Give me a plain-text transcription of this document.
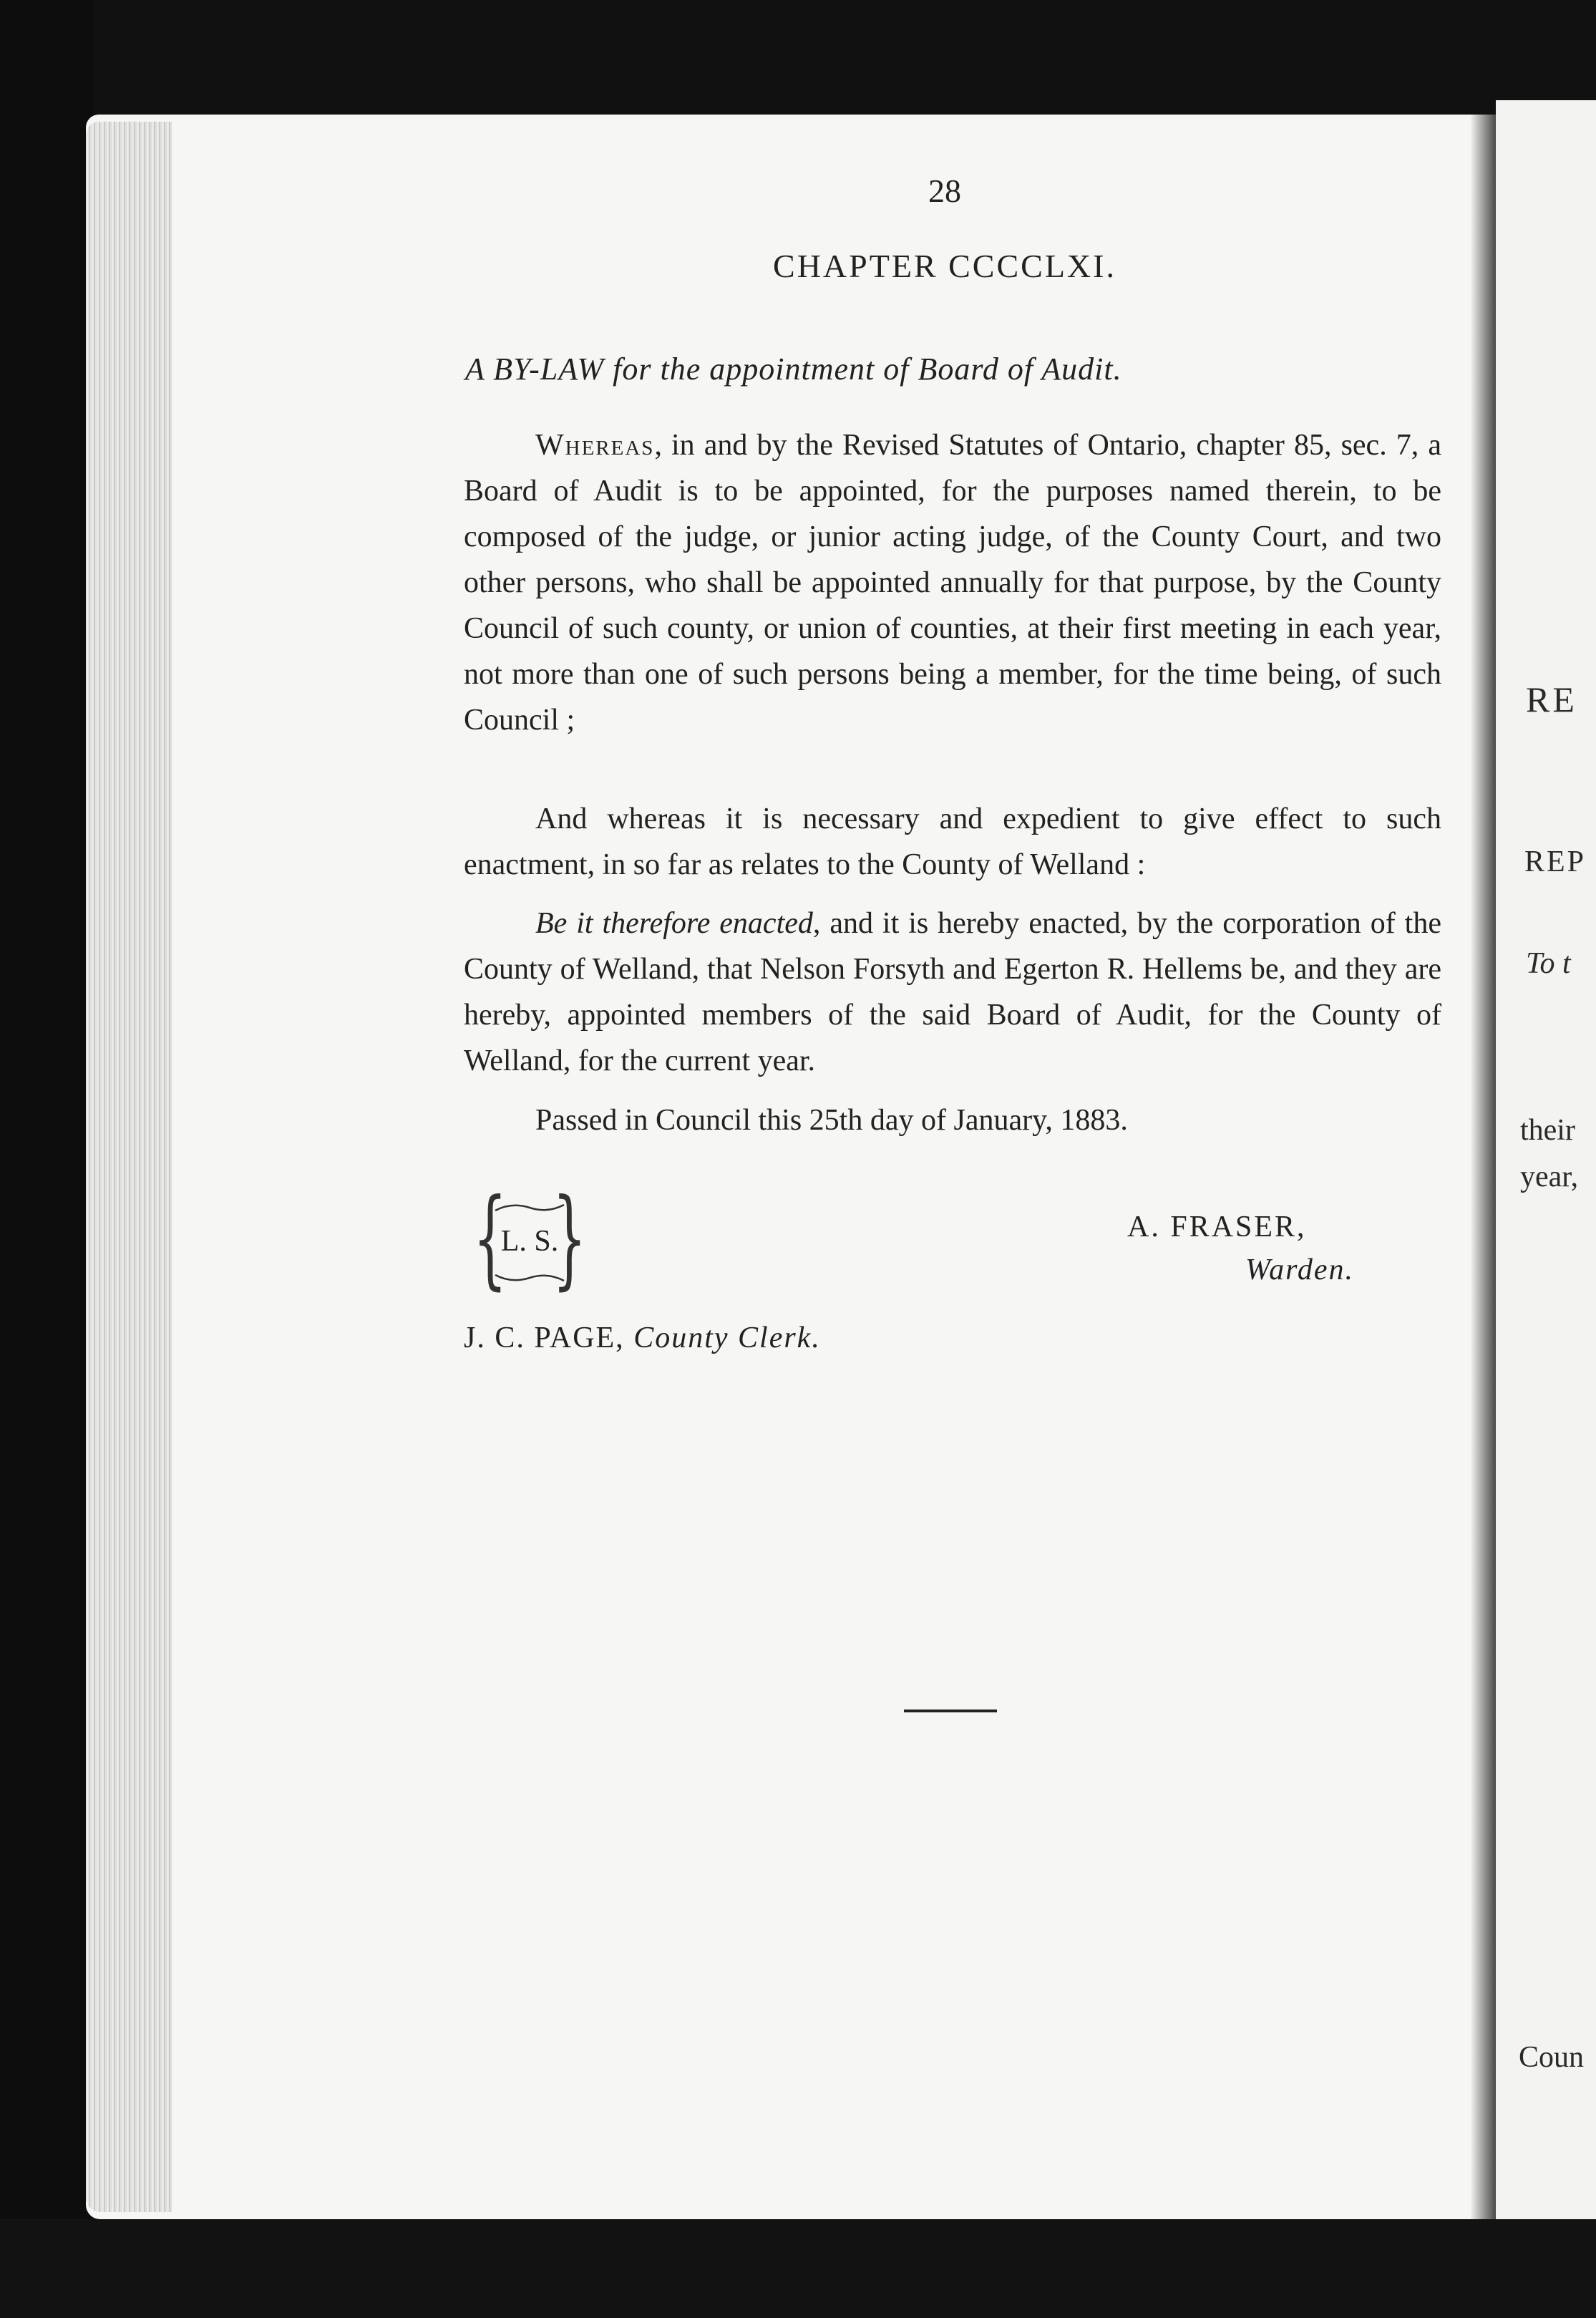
28
CHAPTER CCCCLXI.
A BY-LAW for the appointment of Board of Audit.
Whereas, in and by the Revised Statutes of Ontario, chapter 85, sec. 7, a Board of Audit is to be appointed, for the purposes named therein, to be composed of the judge, or junior acting judge, of the County Court, and two other persons, who shall be appointed annually for that purpose, by the County Council of such county, or union of counties, at their first meeting in each year, not more than one of such persons being a member, for the time being, of such Council ;
And whereas it is necessary and expedient to give effect to such enactment, in so far as relates to the County of Welland :
Be it therefore enacted, and it is hereby enacted, by the corporation of the County of Welland, that Nelson Forsyth and Egerton R. Hellems be, and they are hereby, appointed members of the said Board of Audit, for the County of Welland, for the current year.
Passed in Council this 25th day of January, 1883.
{
L. S.
}	A. FRASER,
Warden.
J. C. PAGE, County Clerk.
RE
REP
To t
their
year,
Coun
